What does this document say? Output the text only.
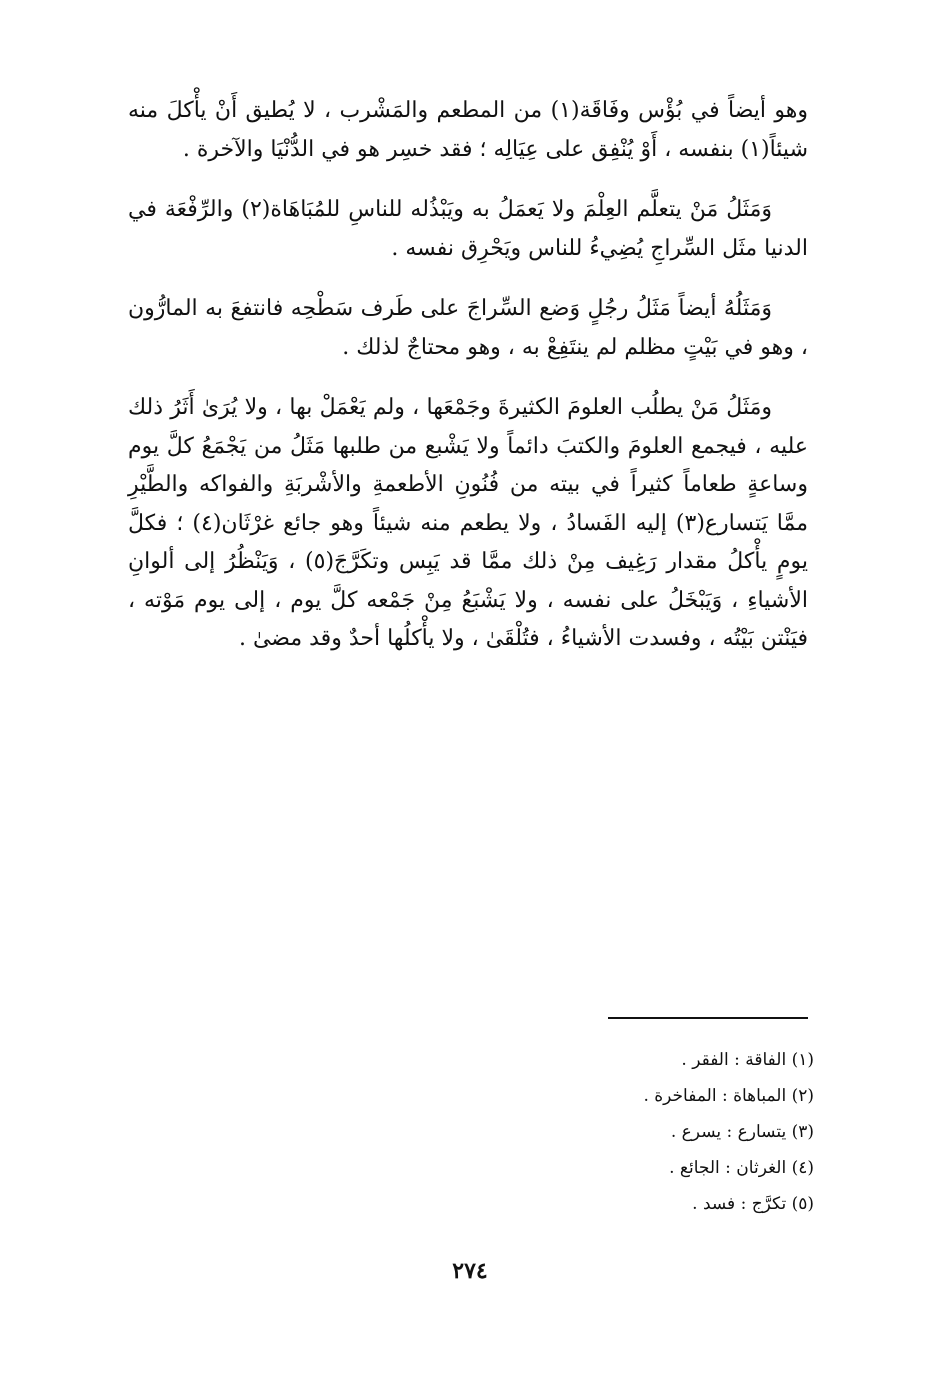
وهو أيضاً في بُؤْس وفَاقَة(١) من المطعم والمَشْرب ، لا يُطيق أَنْ يأْكلَ منه شيئاً(١) بنفسه ، أَوْ يُنْفِق على عِيَالِه ؛ فقد خسِر هو في الدُّنْيَا والآخرة .

وَمَثَلُ مَنْ يتعلَّم العِلْمَ ولا يَعمَلُ به ويَبْذُله للناسِ للمُبَاهَاة(٢) والرِّفْعَة في الدنيا مثَل السِّراجِ يُضِيءُ للناس ويَحْرِق نفسه .

وَمَثَلُهُ أيضاً مَثَلُ رجُلٍ وَضع السِّراجَ على طَرف سَطْحِه فانتفعَ به المارُّون ، وهو في بَيْتٍ مظلم لم ينتَفِعْ به ، وهو محتاجٌ لذلك .

ومَثَلُ مَنْ يطلُب العلومَ الكثيرةَ وجَمْعَها ، ولم يَعْمَلْ بها ، ولا يُرَىٰ أَثَرُ ذلك عليه ، فيجمع العلومَ والكتبَ دائماً ولا يَشْبع من طلبها مَثَلُ من يَجْمَعُ كلَّ يوم وساعةٍ طعاماً كثيراً في بيته من فُنُونِ الأطعمةِ والأشْربَةِ والفواكه والطَّيْرِ ممَّا يَتسارع(٣) إليه الفَسادُ ، ولا يطعم منه شيئاً وهو جائع غرْثَان(٤) ؛ فكلَّ يومٍ يأْكلُ مقدار رَغِيف مِنْ ذلك ممَّا قد يَبِس وتكَرَّجَ(٥) ، وَيَنْظُرُ إلى ألوانِ الأشياءِ ، وَيَبْخَلُ على نفسه ، ولا يَشْبَعُ مِنْ جَمْعه كلَّ يوم ، إلى يوم مَوْته ، فيَنْتن بَيْتُه ، وفسدت الأشياءُ ، فتُلْقَىٰ ، ولا يأْكلُها أحدٌ وقد مضىٰ .

(١) الفاقة : الفقر .
(٢) المباهاة : المفاخرة .
(٣) يتسارع : يسرع .
(٤) الغرثان : الجائع .
(٥) تكرَّج : فسد .
٢٧٤
